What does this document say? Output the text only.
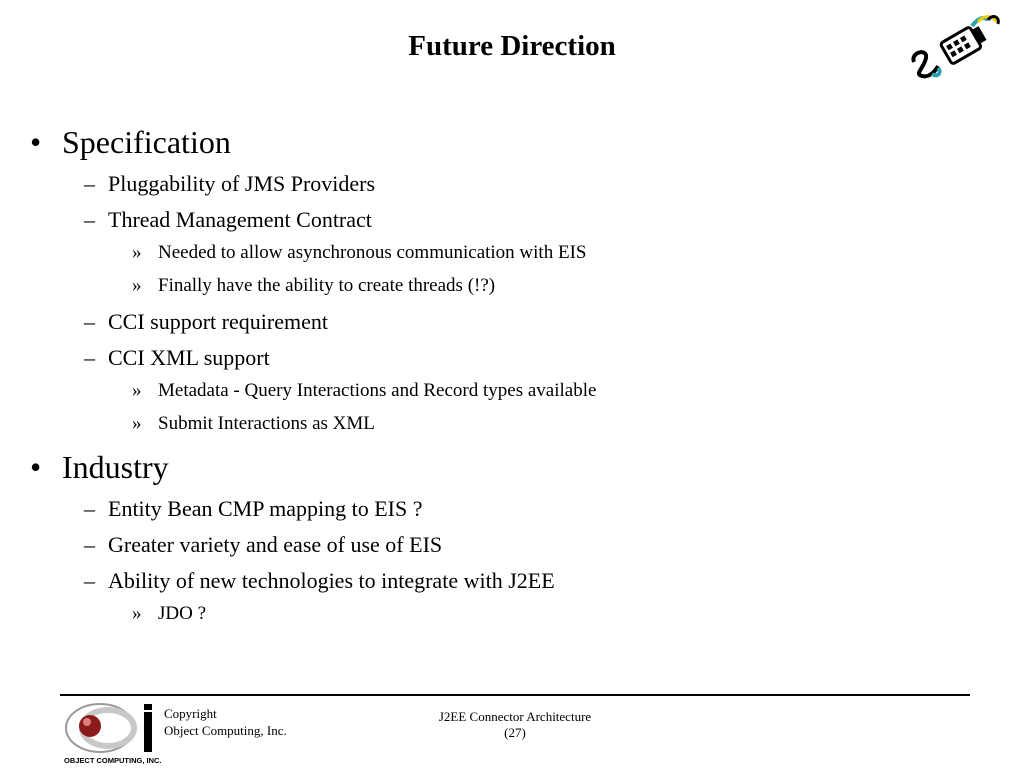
Future Direction
• Specification
– Pluggability of JMS Providers
– Thread Management Contract
» Needed to allow asynchronous communication with EIS
» Finally have the ability to create threads (!?)
– CCI support requirement
– CCI XML support
» Metadata - Query Interactions and Record types available
» Submit Interactions as XML
• Industry
– Entity Bean CMP mapping to EIS ?
– Greater variety and ease of use of EIS
– Ability of new technologies to integrate with J2EE
» JDO ?
OBJECT COMPUTING, INC.
Copyright
Object Computing, Inc.
J2EE Connector Architecture
(27)
